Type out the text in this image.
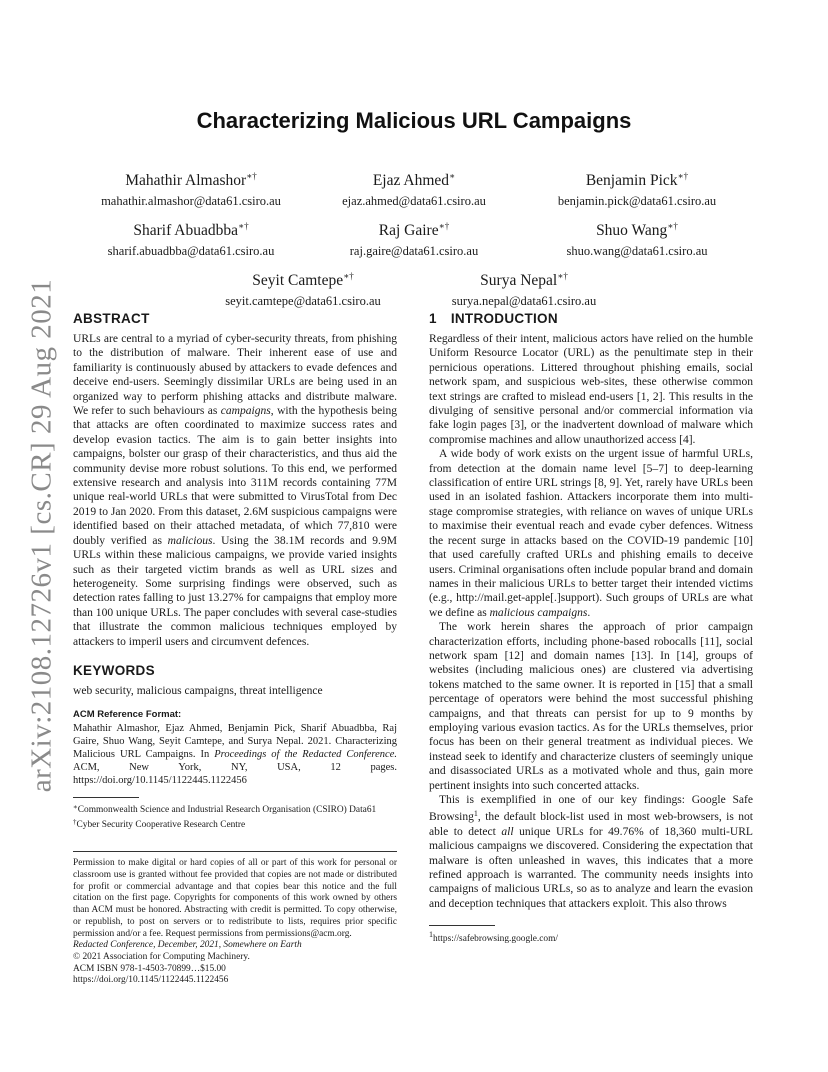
arXiv:2108.12726v1 [cs.CR] 29 Aug 2021
Characterizing Malicious URL Campaigns
Mahathir Almashor∗†
mahathir.almashor@data61.csiro.au
Ejaz Ahmed∗
ejaz.ahmed@data61.csiro.au
Benjamin Pick∗†
benjamin.pick@data61.csiro.au
Sharif Abuadbba∗†
sharif.abuadbba@data61.csiro.au
Raj Gaire∗†
raj.gaire@data61.csiro.au
Shuo Wang∗†
shuo.wang@data61.csiro.au
Seyit Camtepe∗†
seyit.camtepe@data61.csiro.au
Surya Nepal∗†
surya.nepal@data61.csiro.au
ABSTRACT

URLs are central to a myriad of cyber-security threats, from phishing to the distribution of malware. Their inherent ease of use and familiarity is continuously abused by attackers to evade defences and deceive end-users. Seemingly dissimilar URLs are being used in an organized way to perform phishing attacks and distribute malware. We refer to such behaviours as campaigns, with the hypothesis being that attacks are often coordinated to maximize success rates and develop evasion tactics. The aim is to gain better insights into campaigns, bolster our grasp of their characteristics, and thus aid the community devise more robust solutions. To this end, we performed extensive research and analysis into 311M records containing 77M unique real-world URLs that were submitted to VirusTotal from Dec 2019 to Jan 2020. From this dataset, 2.6M suspicious campaigns were identified based on their attached metadata, of which 77,810 were doubly verified as malicious. Using the 38.1M records and 9.9M URLs within these malicious campaigns, we provide varied insights such as their targeted victim brands as well as URL sizes and heterogeneity. Some surprising findings were observed, such as detection rates falling to just 13.27% for campaigns that employ more than 100 unique URLs. The paper concludes with several case-studies that illustrate the common malicious techniques employed by attackers to imperil users and circumvent defences.

KEYWORDS

web security, malicious campaigns, threat intelligence

ACM Reference Format:

Mahathir Almashor, Ejaz Ahmed, Benjamin Pick, Sharif Abuadbba, Raj Gaire, Shuo Wang, Seyit Camtepe, and Surya Nepal. 2021. Characterizing Malicious URL Campaigns. In Proceedings of the Redacted Conference. ACM, New York, NY, USA, 12 pages. https://doi.org/10.1145/1122445.1122456

∗Commonwealth Science and Industrial Research Organisation (CSIRO) Data61
†Cyber Security Cooperative Research Centre

Permission to make digital or hard copies of all or part of this work for personal or classroom use is granted without fee provided that copies are not made or distributed for profit or commercial advantage and that copies bear this notice and the full citation on the first page. Copyrights for components of this work owned by others than ACM must be honored. Abstracting with credit is permitted. To copy otherwise, or republish, to post on servers or to redistribute to lists, requires prior specific permission and/or a fee. Request permissions from permissions@acm.org.

Redacted Conference, December, 2021, Somewhere on Earth
© 2021 Association for Computing Machinery.
ACM ISBN 978-1-4503-70899…$15.00
https://doi.org/10.1145/1122445.1122456
1 INTRODUCTION

Regardless of their intent, malicious actors have relied on the humble Uniform Resource Locator (URL) as the penultimate step in their pernicious operations. Littered throughout phishing emails, social network spam, and suspicious web-sites, these otherwise common text strings are crafted to mislead end-users [1, 2]. This results in the divulging of sensitive personal and/or commercial information via fake login pages [3], or the inadvertent download of malware which compromise machines and allow unauthorized access [4].

A wide body of work exists on the urgent issue of harmful URLs, from detection at the domain name level [5–7] to deep-learning classification of entire URL strings [8, 9]. Yet, rarely have URLs been used in an isolated fashion. Attackers incorporate them into multi-stage compromise strategies, with reliance on waves of unique URLs to maximise their eventual reach and evade cyber defences. Witness the recent surge in attacks based on the COVID-19 pandemic [10] that used carefully crafted URLs and phishing emails to deceive users. Criminal organisations often include popular brand and domain names in their malicious URLs to better target their intended victims (e.g., http://mail.get-apple[.]support). Such groups of URLs are what we define as malicious campaigns.

The work herein shares the approach of prior campaign characterization efforts, including phone-based robocalls [11], social network spam [12] and domain names [13]. In [14], groups of websites (including malicious ones) are clustered via advertising tokens matched to the same owner. It is reported in [15] that a small percentage of operators were behind the most successful phishing campaigns, and that threats can persist for up to 9 months by employing various evasion tactics. As for the URLs themselves, prior focus has been on their general treatment as individual pieces. We instead seek to identify and characterize clusters of seemingly unique and disassociated URLs as a motivated whole and thus, gain more pertinent insights into such concerted attacks.

This is exemplified in one of our key findings: Google Safe Browsing$^1$, the default block-list used in most web-browsers, is not able to detect all unique URLs for 49.76% of 18,360 multi-URL malicious campaigns we discovered. Considering the expectation that malware is often unleashed in waves, this indicates that a more refined approach is warranted. The community needs insights into campaigns of malicious URLs, so as to analyze and learn the evasion and deception techniques that attackers exploit. This also throws

$^1$https://safebrowsing.google.com/
